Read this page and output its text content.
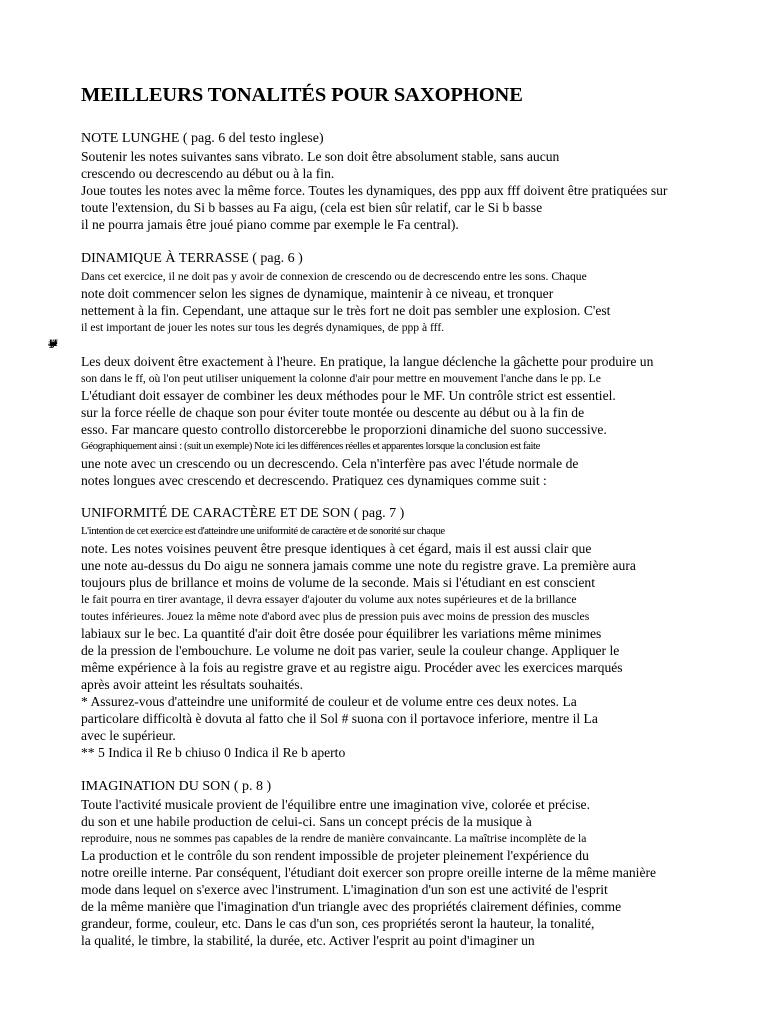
MEILLEURS TONALITÉS POUR SAXOPHONE
ajbjdef

NOTE LUNGHE ( pag. 6 del testo inglese)

Soutenir les notes suivantes sans vibrato. Le son doit être absolument stable, sans aucun

crescendo ou decrescendo au début ou à la fin.

Joue toutes les notes avec la même force. Toutes les dynamiques, des ppp aux fff doivent être pratiquées sur

toute l'extension, du Si b basses au Fa aigu, (cela est bien sûr relatif, car le Si b basse

il ne pourra jamais être joué piano comme par exemple le Fa central).

DINAMIQUE À TERRASSE ( pag. 6 )

Dans cet exercice, il ne doit pas y avoir de connexion de crescendo ou de decrescendo entre les sons. Chaque

note doit commencer selon les signes de dynamique, maintenir à ce niveau, et tronquer

nettement à la fin. Cependant, une attaque sur le très fort ne doit pas sembler une explosion. C'est

il est important de jouer les notes sur tous les degrés dynamiques, de ppp à fff.

Les deux doivent être exactement à l'heure. En pratique, la langue déclenche la gâchette pour produire un

son dans le ff, où l'on peut utiliser uniquement la colonne d'air pour mettre en mouvement l'anche dans le pp. Le

L'étudiant doit essayer de combiner les deux méthodes pour le MF. Un contrôle strict est essentiel.

sur la force réelle de chaque son pour éviter toute montée ou descente au début ou à la fin de

esso. Far mancare questo controllo distorcerebbe le proporzioni dinamiche del suono successive.

Géographiquement ainsi : (suit un exemple) Note ici les différences réelles et apparentes lorsque la conclusion est faite

une note avec un crescendo ou un decrescendo. Cela n'interfère pas avec l'étude normale de

notes longues avec crescendo et decrescendo. Pratiquez ces dynamiques comme suit :

UNIFORMITÉ DE CARACTÈRE ET DE SON ( pag. 7 )

L'intention de cet exercice est d'atteindre une uniformité de caractère et de sonorité sur chaque

note. Les notes voisines peuvent être presque identiques à cet égard, mais il est aussi clair que

une note au-dessus du Do aigu ne sonnera jamais comme une note du registre grave. La première aura

toujours plus de brillance et moins de volume de la seconde. Mais si l'étudiant en est conscient

le fait pourra en tirer avantage, il devra essayer d'ajouter du volume aux notes supérieures et de la brillance

toutes inférieures. Jouez la même note d'abord avec plus de pression puis avec moins de pression des muscles

labiaux sur le bec. La quantité d'air doit être dosée pour équilibrer les variations même minimes

de la pression de l'embouchure. Le volume ne doit pas varier, seule la couleur change. Appliquer le

même expérience à la fois au registre grave et au registre aigu. Procéder avec les exercices marqués

après avoir atteint les résultats souhaités.

* Assurez-vous d'atteindre une uniformité de couleur et de volume entre ces deux notes. La

particolare difficoltà è dovuta al fatto che il Sol # suona con il portavoce inferiore, mentre il La

avec le supérieur.

** 5 Indica il Re b chiuso 0 Indica il Re b aperto

IMAGINATION DU SON ( p. 8 )

Toute l'activité musicale provient de l'équilibre entre une imagination vive, colorée et précise.

du son et une habile production de celui-ci. Sans un concept précis de la musique à

reproduire, nous ne sommes pas capables de la rendre de manière convaincante. La maîtrise incomplète de la

La production et le contrôle du son rendent impossible de projeter pleinement l'expérience du

notre oreille interne. Par conséquent, l'étudiant doit exercer son propre oreille interne de la même manière

mode dans lequel on s'exerce avec l'instrument. L'imagination d'un son est une activité de l'esprit

de la même manière que l'imagination d'un triangle avec des propriétés clairement définies, comme

grandeur, forme, couleur, etc. Dans le cas d'un son, ces propriétés seront la hauteur, la tonalité,

la qualité, le timbre, la stabilité, la durée, etc. Activer l'esprit au point d'imaginer un
